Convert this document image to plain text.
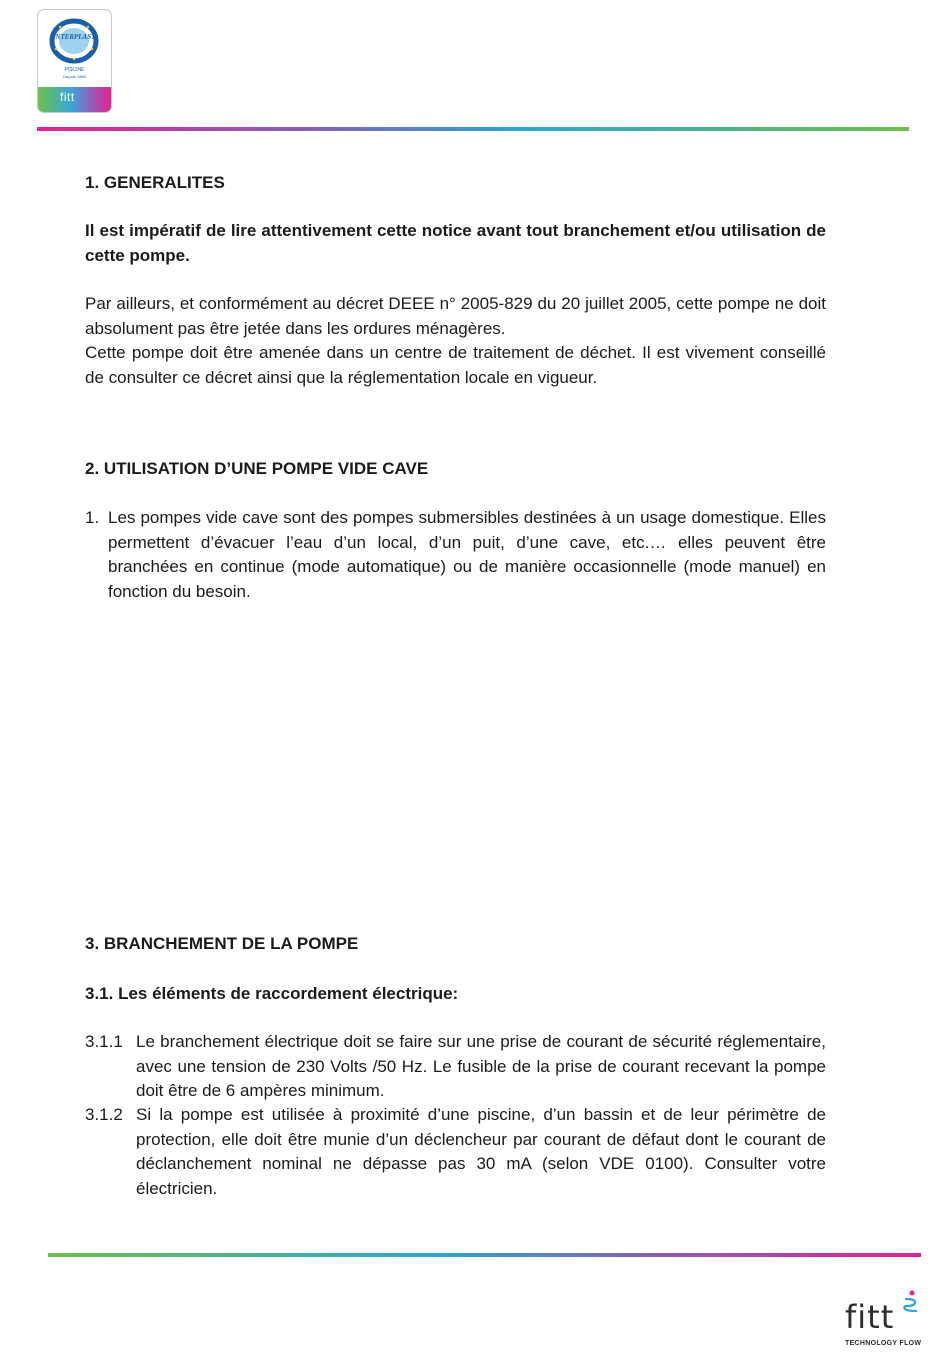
INTERPLAST
PISCINE
Depuis 1966
fitt
1. GENERALITES
Il est impératif de lire attentivement cette notice avant tout branchement et/ou utilisation de cette pompe.
Par ailleurs, et conformément au décret DEEE n° 2005-829 du 20 juillet 2005, cette pompe ne doit absolument pas être jetée dans les ordures ménagères.
Cette pompe doit être amenée dans un centre de traitement de déchet. Il est vivement conseillé de consulter ce décret ainsi que la réglementation locale en vigueur.
2. UTILISATION D’UNE POMPE VIDE CAVE
1. Les pompes vide cave sont des pompes submersibles destinées à un usage domestique. Elles permettent d’évacuer l’eau d’un local, d’un puit, d’une cave, etc.… elles peuvent être branchées en continue (mode automatique) ou de manière occasionnelle (mode manuel) en fonction du besoin.
3. BRANCHEMENT DE LA POMPE
3.1. Les éléments de raccordement électrique:
3.1.1 Le branchement électrique doit se faire sur une prise de courant de sécurité réglementaire, avec une tension de 230 Volts /50 Hz. Le fusible de la prise de courant recevant la pompe doit être de 6 ampères minimum.
3.1.2 Si la pompe est utilisée à proximité d’une piscine, d’un bassin et de leur périmètre de protection, elle doit être munie d’un déclencheur par courant de défaut dont le courant de déclanchement nominal ne dépasse pas 30 mA (selon VDE 0100). Consulter votre électricien.
fitt
TECHNOLOGY FLOW
